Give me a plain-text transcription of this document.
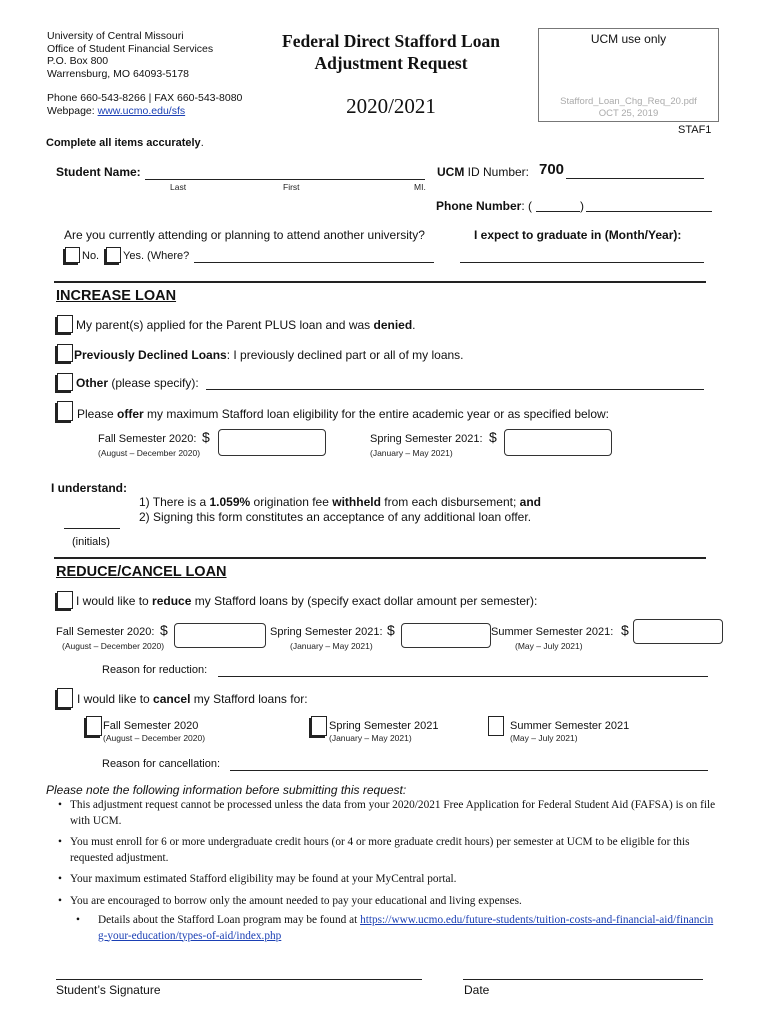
University of Central Missouri
Office of Student Financial Services
P.O. Box 800
Warrensburg, MO 64093-5178
Phone 660-543-8266 | FAX 660-543-8080
Webpage: www.ucmo.edu/sfs
Federal Direct Stafford Loan
Adjustment Request
2020/2021
UCM use only
Stafford_Loan_Chg_Req_20.pdf
OCT 25, 2019
STAF1
Complete all items accurately.
Student Name:
Last	First	MI.
UCM ID Number: 700
Phone Number: (	)
Are you currently attending or planning to attend another university?
No. Yes. (Where?
I expect to graduate in (Month/Year):
INCREASE LOAN
My parent(s) applied for the Parent PLUS loan and was denied.
Previously Declined Loans: I previously declined part or all of my loans.
Other (please specify):
Please offer my maximum Stafford loan eligibility for the entire academic year or as specified below:
Fall Semester 2020: $
(August – December 2020)
Spring Semester 2021: $
(January – May 2021)
I understand:
1) There is a 1.059% origination fee withheld from each disbursement; and
2) Signing this form constitutes an acceptance of any additional loan offer.
(initials)
REDUCE/CANCEL LOAN
I would like to reduce my Stafford loans by (specify exact dollar amount per semester):
Fall Semester 2020: $
(August – December 2020)
Spring Semester 2021: $
(January – May 2021)
Summer Semester 2021: $
(May – July 2021)
Reason for reduction:
I would like to cancel my Stafford loans for:
Fall Semester 2020
(August – December 2020)
Spring Semester 2021
(January – May 2021)
Summer Semester 2021
(May – July 2021)
Reason for cancellation:
Please note the following information before submitting this request:
• This adjustment request cannot be processed unless the data from your 2020/2021 Free Application for Federal Student Aid (FAFSA) is on file with UCM.
• You must enroll for 6 or more undergraduate credit hours (or 4 or more graduate credit hours) per semester at UCM to be eligible for this requested adjustment.
• Your maximum estimated Stafford eligibility may be found at your MyCentral portal.
• You are encouraged to borrow only the amount needed to pay your educational and living expenses.
• Details about the Stafford Loan program may be found at https://www.ucmo.edu/future-students/tuition-costs-and-financial-aid/financing-your-education/types-of-aid/index.php
Student’s Signature	Date
